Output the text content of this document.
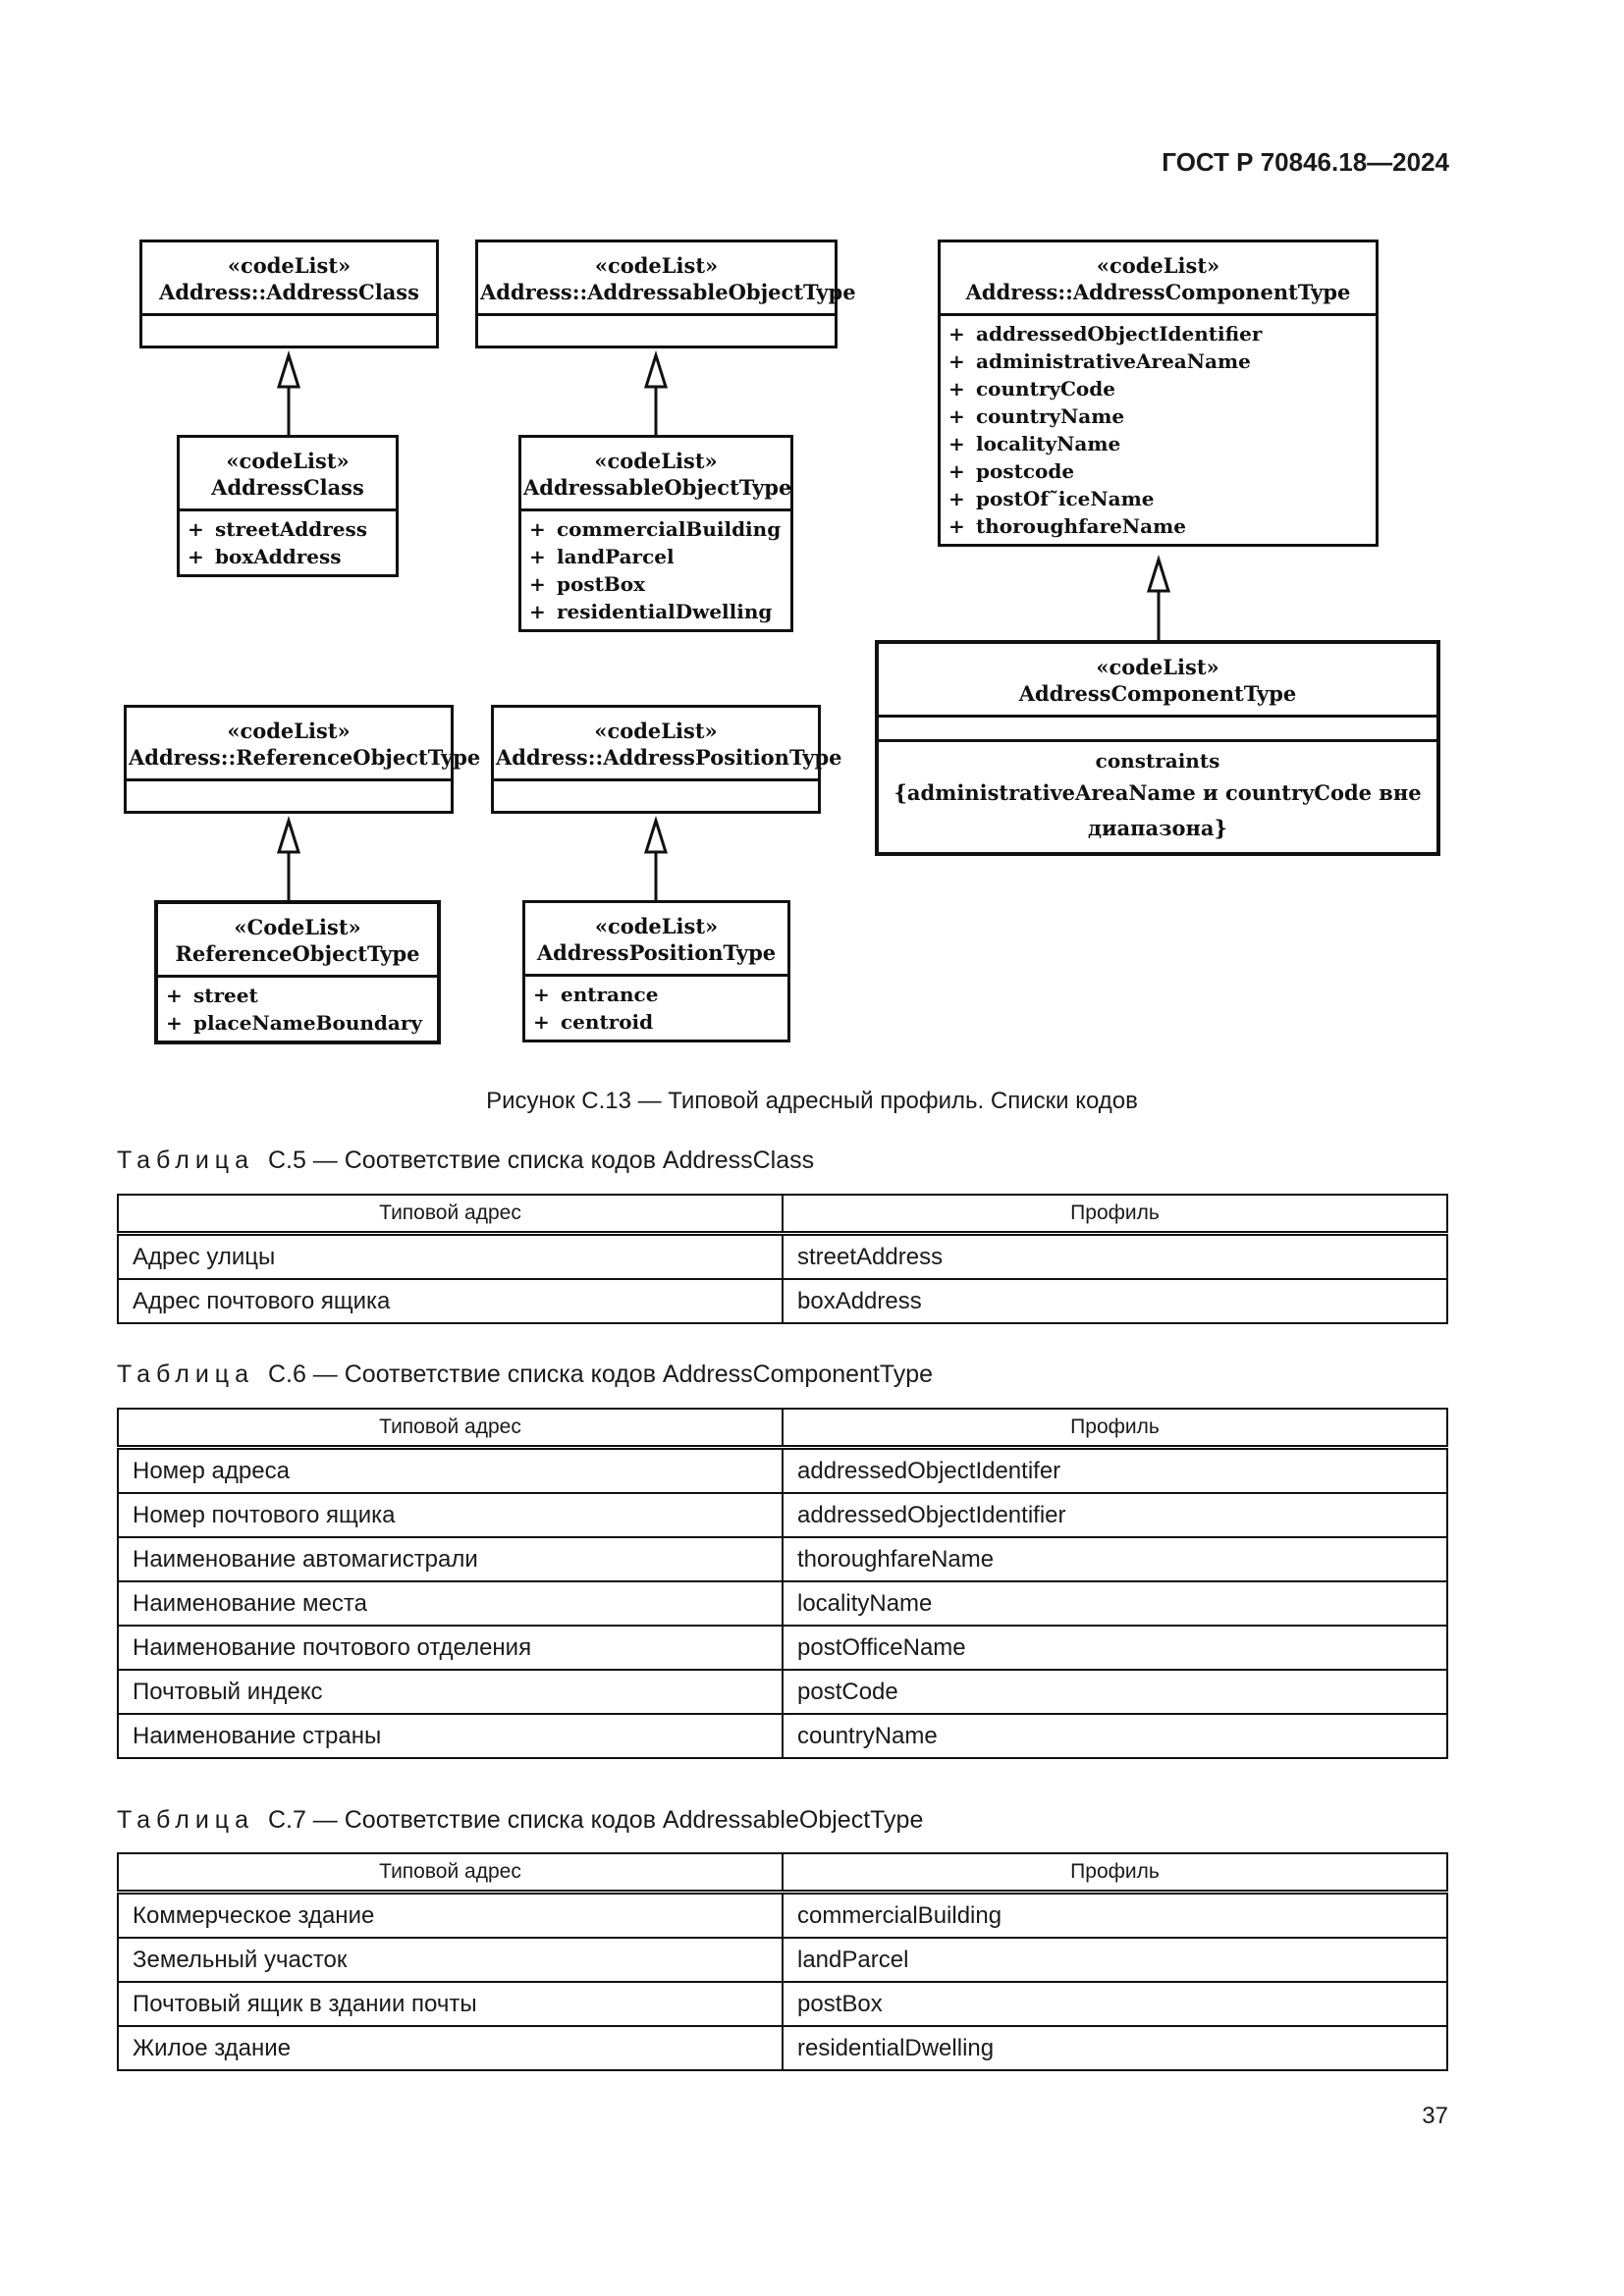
ГОСТ Р 70846.18—2024
«codeList»
Address::AddressClass
«codeList»
Address::AddressableObjectType
«codeList»
Address::AddressComponentType
+ addressedObjectIdentifier
+ administrativeAreaName
+ countryCode
+ countryName
+ localityName
+ postcode
+ postOf˜iceName
+ thoroughfareName
«codeList»
AddressClass
+ streetAddress
+ boxAddress
«codeList»
AddressableObjectType
+ commercialBuilding
+ landParcel
+ postBox
+ residentialDwelling
«codeList»
AddressComponentType
constraints
{administrativeAreaName и countryCode вне
диапазона}
«codeList»
Address::ReferenceObjectType
«codeList»
Address::AddressPositionType
«CodeList»
ReferenceObjectType
+ street
+ placeNameBoundary
«codeList»
AddressPositionType
+ entrance
+ centroid
Рисунок С.13 — Типовой адресный профиль. Списки кодов
Таблица С.5 — Соответствие списка кодов AddressClass
Типовой адрес	Профиль
Адрес улицы	streetAddress
Адрес почтового ящика	boxAddress
Таблица С.6 — Соответствие списка кодов AddressComponentType
Типовой адрес	Профиль
Номер адреса	addressedObjectIdentifer
Номер почтового ящика	addressedObjectIdentifier
Наименование автомагистрали	thoroughfareName
Наименование места	localityName
Наименование почтового отделения	postOfficeName
Почтовый индекс	postCode
Наименование страны	countryName
Таблица С.7 — Соответствие списка кодов AddressableObjectType
Типовой адрес	Профиль
Коммерческое здание	commercialBuilding
Земельный участок	landParcel
Почтовый ящик в здании почты	postBox
Жилое здание	residentialDwelling
37
